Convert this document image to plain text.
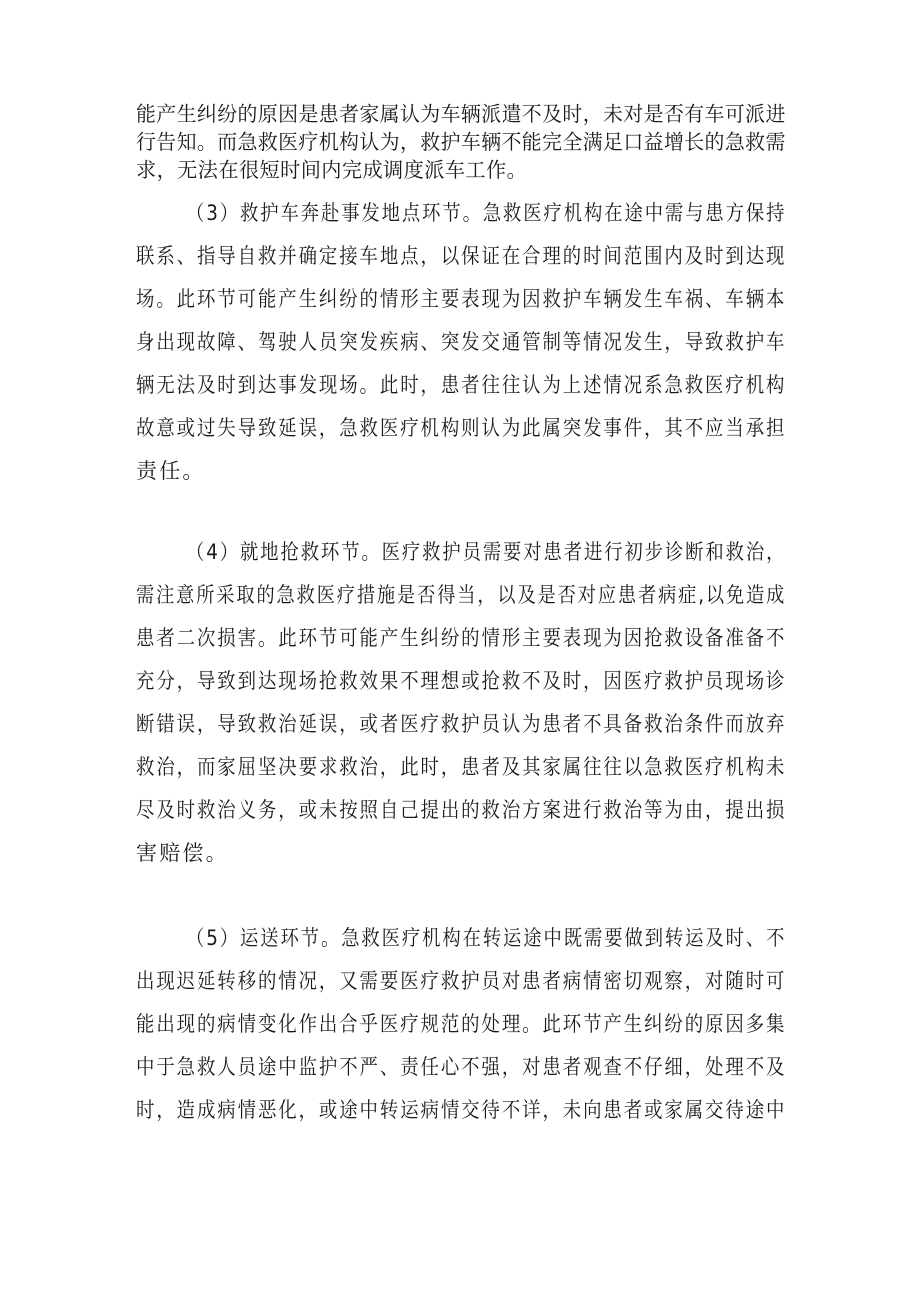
能产生纠纷的原因是患者家属认为车辆派遣不及时，未对是否有车可派进
行告知。而急救医疗机构认为，救护车辆不能完全满足口益增长的急救需
求，无法在很短时间内完成调度派车工作。
（3）救护车奔赴事发地点环节。急救医疗机构在途中需与患方保持
联系、指导自救并确定接车地点，以保证在合理的时间范围内及时到达现
场。此环节可能产生纠纷的情形主要表现为因救护车辆发生车祸、车辆本
身出现故障、驾驶人员突发疾病、突发交通管制等情况发生，导致救护车
辆无法及时到达事发现场。此时，患者往往认为上述情况系急救医疗机构
故意或过失导致延误，急救医疗机构则认为此属突发事件，其不应当承担
责任。
（4）就地抢救环节。医疗救护员需要对患者进行初步诊断和救治，
需注意所采取的急救医疗措施是否得当，以及是否对应患者病症,以免造成
患者二次损害。此环节可能产生纠纷的情形主要表现为因抢救设备准备不
充分，导致到达现场抢救效果不理想或抢救不及时，因医疗救护员现场诊
断错误，导致救治延误，或者医疗救护员认为患者不具备救治条件而放弃
救治，而家屈坚决要求救治，此时，患者及其家属往往以急救医疗机构未
尽及时救治义务，或未按照自己提出的救治方案进行救治等为由，提出损
害赔偿。
（5）运送环节。急救医疗机构在转运途中既需要做到转运及时、不
出现迟延转移的情况，又需要医疗救护员对患者病情密切观察，对随时可
能出现的病情变化作出合乎医疗规范的处理。此环节产生纠纷的原因多集
中于急救人员途中监护不严、责任心不强，对患者观查不仔细，处理不及
时，造成病情恶化，或途中转运病情交待不详，未向患者或家属交待途中
